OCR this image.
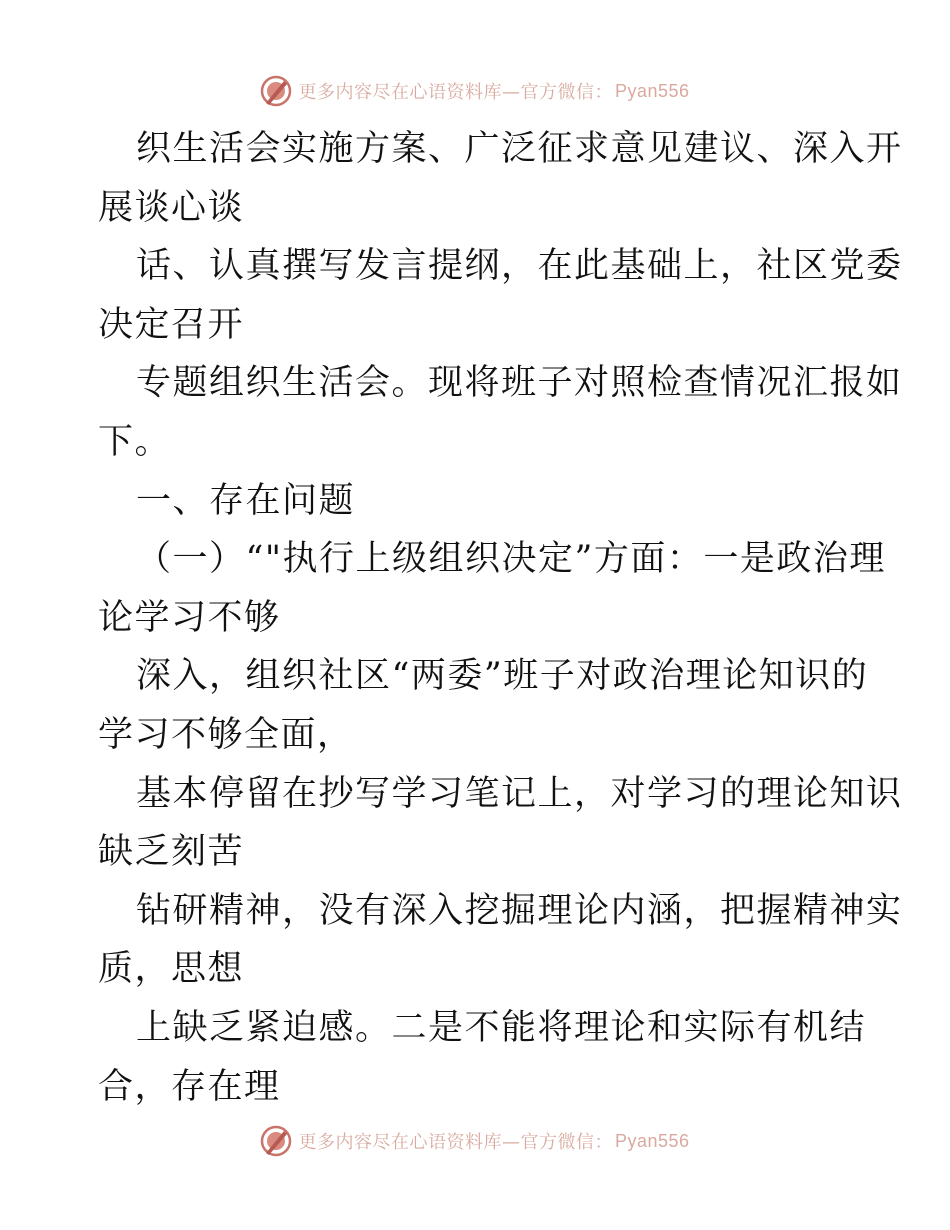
更多内容尽在心语资料库—官方微信： Pyan556
织生活会实施方案、广泛征求意见建议、深入开
展谈心谈
话、认真撰写发言提纲，在此基础上，社区党委
决定召开
专题组织生活会。现将班子对照检查情况汇报如
下。
一、存在问题
（一）“"执行上级组织决定”方面：一是政治理
论学习不够
深入，组织社区“两委”班子对政治理论知识的
学习不够全面，
基本停留在抄写学习笔记上，对学习的理论知识
缺乏刻苦
钻研精神，没有深入挖掘理论内涵，把握精神实
质，思想
上缺乏紧迫感。二是不能将理论和实际有机结
合，存在理
更多内容尽在心语资料库—官方微信： Pyan556
